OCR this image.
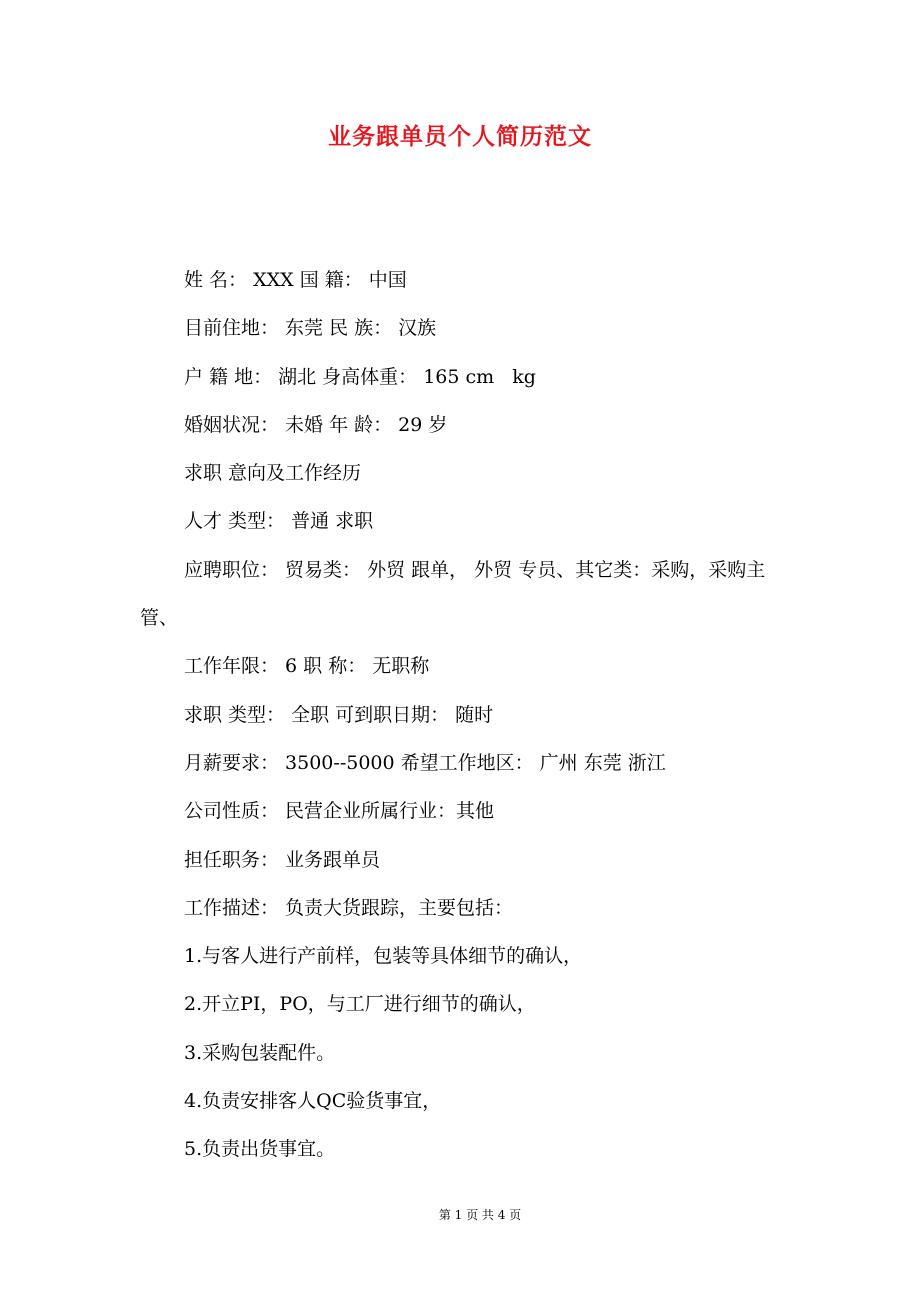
业务跟单员个人简历范文
姓 名： XXX 国 籍： 中国
目前住地： 东莞 民 族： 汉族
户 籍 地： 湖北 身高体重： 165 cm   kg
婚姻状况： 未婚 年 龄： 29 岁
求职 意向及工作经历
人才 类型： 普通 求职
应聘职位： 贸易类： 外贸 跟单， 外贸 专员、其它类：采购，采购主管、
工作年限： 6 职 称： 无职称
求职 类型： 全职 可到职日期： 随时
月薪要求： 3500--5000 希望工作地区： 广州 东莞 浙江
公司性质： 民营企业所属行业：其他
担任职务： 业务跟单员
工作描述： 负责大货跟踪，主要包括：
1.与客人进行产前样，包装等具体细节的确认，
2.开立PI，PO，与工厂进行细节的确认，
3.采购包装配件。
4.负责安排客人QC验货事宜，
5.负责出货事宜。
第 1 页 共 4 页
